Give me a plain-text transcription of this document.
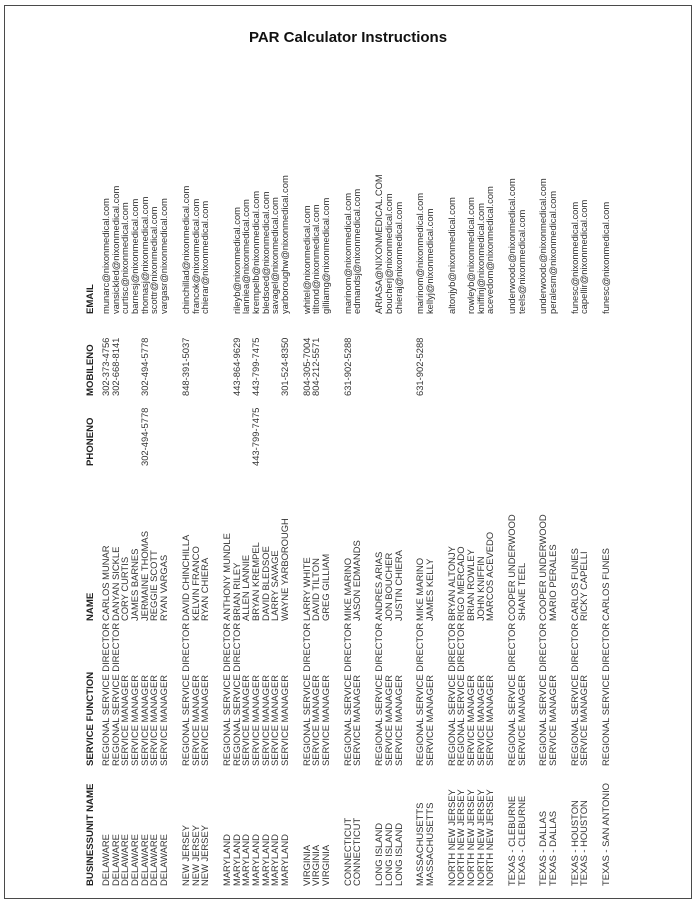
PAR Calculator Instructions
BUSINESSUNIT NAME	SERVICE FUNCTION	NAME	PHONENO	MOBILENO	EMAIL
DELAWARE	REGIONAL SERVICE DIRECTOR	CARLOS MUNAR		302-373-4756	munarc@nixonmedical.com
DELAWARE	REGIONAL SERVICE DIRECTOR	DANYAN SICKLE		302-668-8141	vansickled@nixonmedical.com
DELAWARE	SERVICE MANAGER	CORY CURTIS			curtisc@nixonmedical.com
DELAWARE	SERVICE MANAGER	JAMES BARNES			barnesj@nixonmedical.com
DELAWARE	SERVICE MANAGER	JERMAINE THOMAS	302-494-5778	302-494-5778	thomasj@nixonmedical.com
DELAWARE	SERVICE MANAGER	REGGIE SCOTT			scottr@nixonmedical.com
DELAWARE	SERVICE MANAGER	RYAN VARGAS			vargasr@nixonmedical.com

NEW JERSEY	REGIONAL SERVICE DIRECTOR	DAVID CHINCHILLA		848-391-5037	chinchillad@nixonmedical.com
NEW JERSEY	SERVICE MANAGER	KELVIN FRANCO			francok@nixonmedical.com
NEW JERSEY	SERVICE MANAGER	RYAN CHIERA			chierar@nixonmedical.com

MARYLAND	REGIONAL SERVICE DIRECTOR	ANTHONY MUNDLE			
MARYLAND	REGIONAL SERVICE DIRECTOR	BRIAN RILEY		443-864-9629	rileyb@nixonmedical.com
MARYLAND	SERVICE MANAGER	ALLEN LANNIE			lanniea@nixonmedical.com
MARYLAND	SERVICE MANAGER	BRYAN KREMPEL	443-799-7475	443-799-7475	krempelb@nixonmedical.com
MARYLAND	SERVICE MANAGER	DAVID BLEDSOE			bledsoed@nixonmedical.com
MARYLAND	SERVICE MANAGER	LARRY SAVAGE			savagel@nixonmedical.com
MARYLAND	SERVICE MANAGER	WAYNE YARBOROUGH		301-524-8350	yarboroughw@nixonmedical.com

VIRGINIA	REGIONAL SERVICE DIRECTOR	LARRY WHITE		804-305-7004	whitel@nixonmedical.com
VIRGINIA	SERVICE MANAGER	DAVID TILTON		804-212-5571	tiltond@nixonmedical.com
VIRGINIA	SERVICE MANAGER	GREG GILLIAM			gilliamg@nixonmedical.com

CONNECTICUT	REGIONAL SERVICE DIRECTOR	MIKE MARINO		631-902-5288	marinom@nixonmedical.com
CONNECTICUT	SERVICE MANAGER	JASON EDMANDS			edmandsj@nixonmedical.com

LONG ISLAND	REGIONAL SERVICE DIRECTOR	ANDRES ARIAS			ARIASA@NIXONMEDICAL.COM
LONG ISLAND	SERVICE MANAGER	JON BOUCHER			boucherj@nixonmedical.com
LONG ISLAND	SERVICE MANAGER	JUSTIN CHIERA			chieraj@nixonmedical.com

MASSACHUSETTS	REGIONAL SERVICE DIRECTOR	MIKE MARINO		631-902-5288	marinom@nixonmedical.com
MASSACHUSETTS	SERVICE MANAGER	JAMES KELLY			kellyj@nixonmedical.com

NORTH NEW JERSEY	REGIONAL SERVICE DIRECTOR	BRYAN ALTONJY			altonjyb@nixonmedical.com
NORTH NEW JERSEY	REGIONAL SERVICE DIRECTOR	RIGO MERCADO			
NORTH NEW JERSEY	SERVICE MANAGER	BRIAN ROWLEY			rowleyb@nixonmedical.com
NORTH NEW JERSEY	SERVICE MANAGER	JOHN KNIFFIN			kniffinj@nixonmedical.com
NORTH NEW JERSEY	SERVICE MANAGER	MARCOS ACEVEDO			acevedom@nixonmedical.com

TEXAS - CLEBURNE	REGIONAL SERVICE DIRECTOR	COOPER UNDERWOOD			underwoodc@nixonmedical.com
TEXAS - CLEBURNE	SERVICE MANAGER	SHANE TEEL			teels@nixonmedical.com

TEXAS - DALLAS	REGIONAL SERVICE DIRECTOR	COOPER UNDERWOOD			underwoodc@nixonmedical.com
TEXAS - DALLAS	SERVICE MANAGER	MARIO PERALES			peralesm@nixonmedical.com

TEXAS - HOUSTON	REGIONAL SERVICE DIRECTOR	CARLOS FUNES			funesc@nixonmedical.com
TEXAS - HOUSTON	SERVICE MANAGER	RICKY CAPELLI			capellir@nixonmedical.com

TEXAS - SAN ANTONIO	REGIONAL SERVICE DIRECTOR	CARLOS FUNES			funesc@nixonmedical.com
